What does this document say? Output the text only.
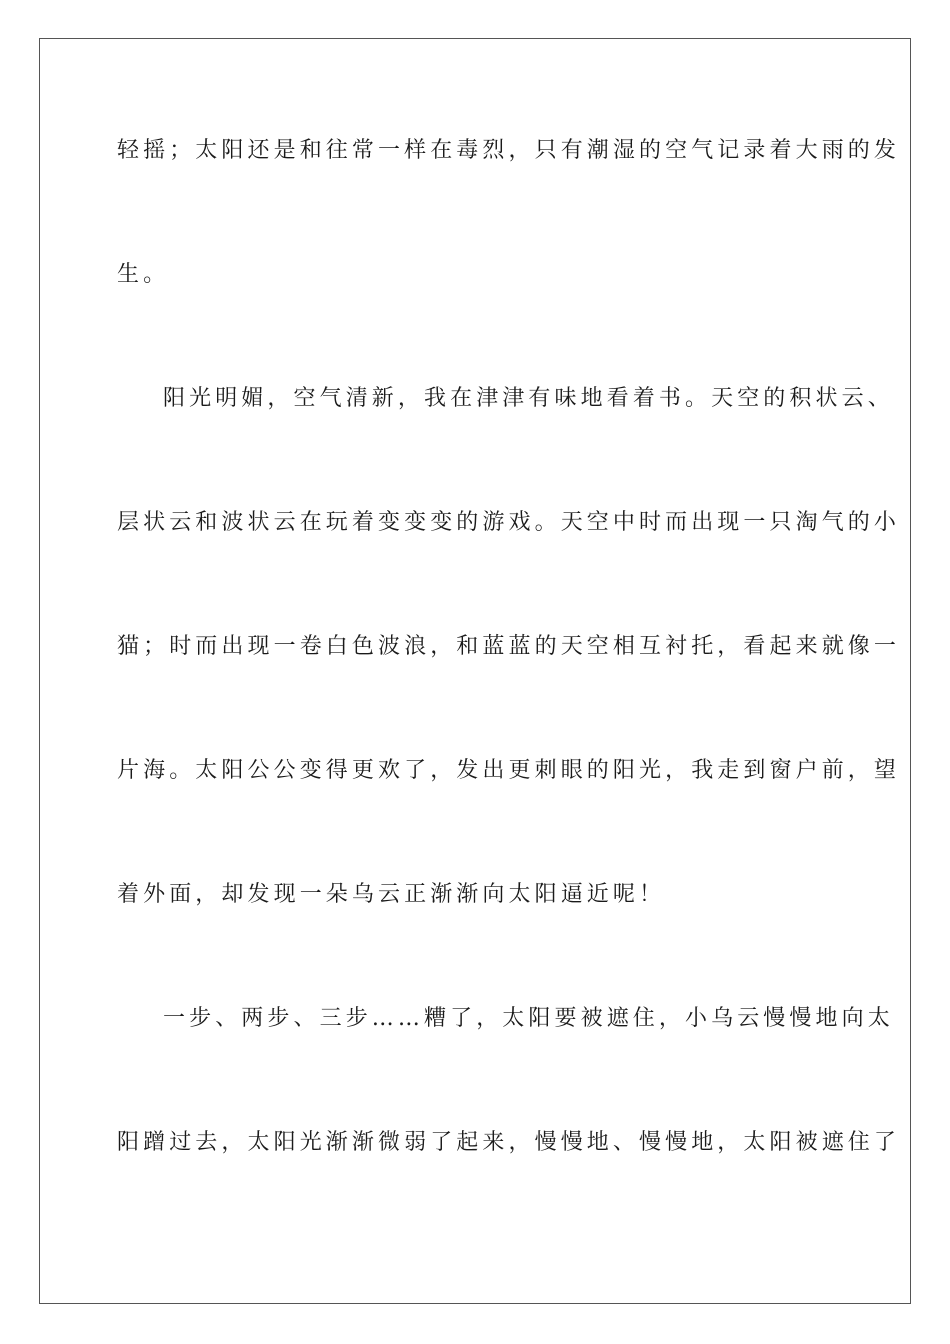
轻摇；太阳还是和往常一样在毒烈，只有潮湿的空气记录着大雨的发
生。
阳光明媚，空气清新，我在津津有味地看着书。天空的积状云、
层状云和波状云在玩着变变变的游戏。天空中时而出现一只淘气的小
猫；时而出现一卷白色波浪，和蓝蓝的天空相互衬托，看起来就像一
片海。太阳公公变得更欢了，发出更刺眼的阳光，我走到窗户前，望
着外面，却发现一朵乌云正渐渐向太阳逼近呢！
一步、两步、三步……糟了，太阳要被遮住，小乌云慢慢地向太
阳蹭过去，太阳光渐渐微弱了起来，慢慢地、慢慢地，太阳被遮住了
